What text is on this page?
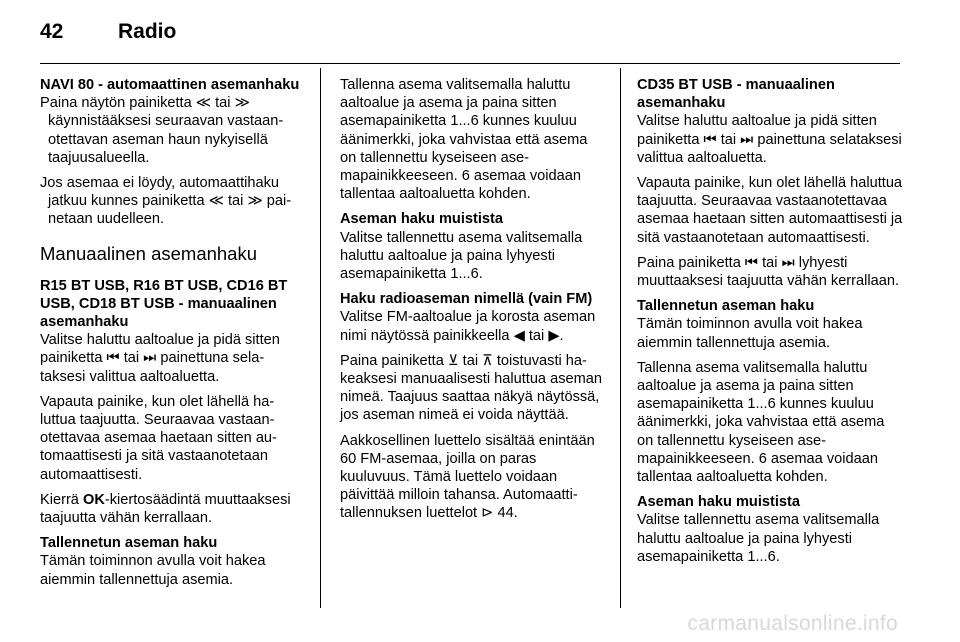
42	Radio
NAVI 80 - automaattinen asemanhaku

Paina näytön painiketta ≪ tai ≫ käynnistääksesi seuraavan vastaanotettavan aseman haun nykyisellä taajuusalueella.

Jos asemaa ei löydy, automaattihaku jatkuu kunnes painiketta ≪ tai ≫ painetaan uudelleen.

Manuaalinen asemanhaku
R15 BT USB, R16 BT USB, CD16 BT USB, CD18 BT USB - manuaalinen asemanhaku

Valitse haluttu aaltoalue ja pidä sitten painiketta ⏮ tai ⏭ painettuna selataksesi valittua aaltoaluetta.

Vapauta painike, kun olet lähellä haluttua taajuutta. Seuraavaa vastaanotettavaa asemaa haetaan sitten automaattisesti ja sitä vastaanotetaan automaattisesti.

Kierrä OK-kiertosäädintä muuttaaksesi taajuutta vähän kerrallaan.

Tallennetun aseman haku

Tämän toiminnon avulla voit hakea aiemmin tallennettuja asemia.

Tallenna asema valitsemalla haluttu aaltoalue ja asema ja paina sitten asemapainiketta 1...6 kunnes kuuluu äänimerkki, joka vahvistaa että asema on tallennettu kyseiseen asemapainikkeeseen. 6 asemaa voidaan tallentaa aaltoaluetta kohden.

Aseman haku muistista

Valitse tallennettu asema valitsemalla haluttu aaltoalue ja paina lyhyesti asemapainiketta 1...6.

Haku radioaseman nimellä (vain FM)

Valitse FM-aaltoalue ja korosta aseman nimi näytössä painikkeella ◀ tai ▶.

Paina painiketta ⊻ tai ⊼ toistuvasti hakeaksesi manuaalisesti haluttua aseman nimeä. Taajuus saattaa näkyä näytössä, jos aseman nimeä ei voida näyttää.

Aakkosellinen luettelo sisältää enintään 60 FM-asemaa, joilla on paras kuuluvuus. Tämä luettelo voidaan päivittää milloin tahansa. Automaattitallennuksen luettelot ⊳ 44.

CD35 BT USB - manuaalinen asemanhaku

Valitse haluttu aaltoalue ja pidä sitten painiketta ⏮ tai ⏭ painettuna selataksesi valittua aaltoaluetta.

Vapauta painike, kun olet lähellä haluttua taajuutta. Seuraavaa vastaanotettavaa asemaa haetaan sitten automaattisesti ja sitä vastaanotetaan automaattisesti.

Paina painiketta ⏮ tai ⏭ lyhyesti muuttaaksesi taajuutta vähän kerrallaan.

Tallennetun aseman haku

Tämän toiminnon avulla voit hakea aiemmin tallennettuja asemia.

Tallenna asema valitsemalla haluttu aaltoalue ja asema ja paina sitten asemapainiketta 1...6 kunnes kuuluu äänimerkki, joka vahvistaa että asema on tallennettu kyseiseen asemapainikkeeseen. 6 asemaa voidaan tallentaa aaltoaluetta kohden.

Aseman haku muistista

Valitse tallennettu asema valitsemalla haluttu aaltoalue ja paina lyhyesti asemapainiketta 1...6.

carmanualsonline.info
